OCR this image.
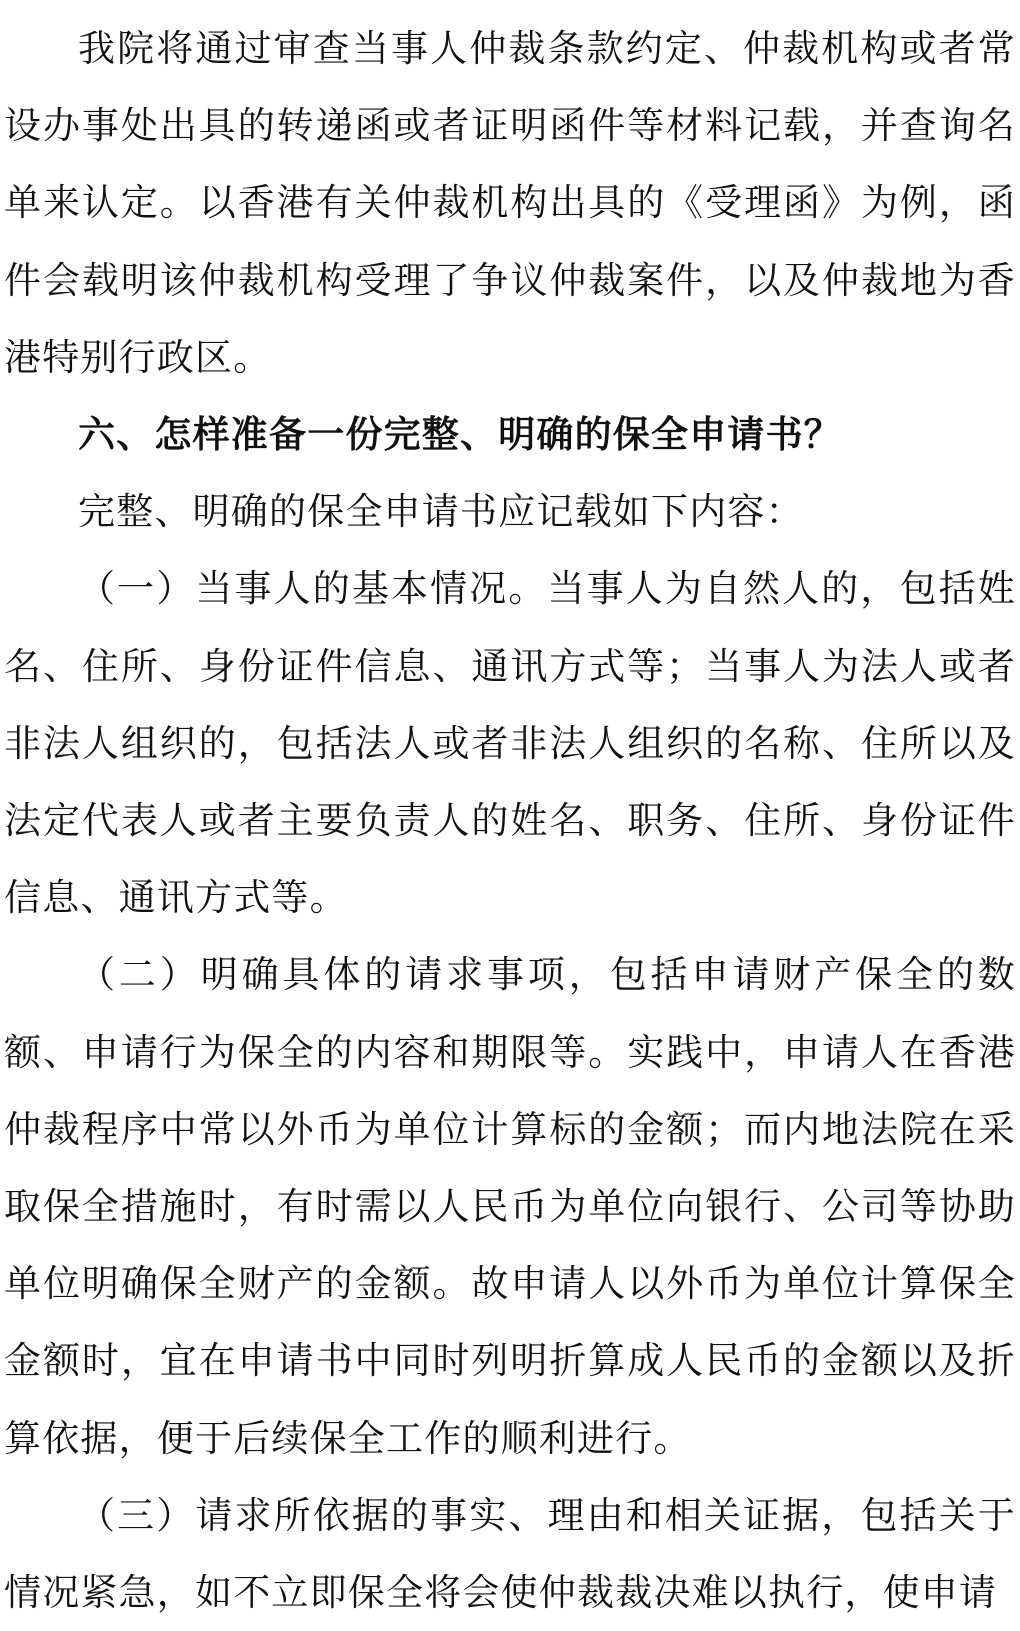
我院将通过审查当事人仲裁条款约定、仲裁机构或者常设办事处出具的转递函或者证明函件等材料记载，并查询名单来认定。以香港有关仲裁机构出具的《受理函》为例，函件会载明该仲裁机构受理了争议仲裁案件，以及仲裁地为香港特别行政区。

六、怎样准备一份完整、明确的保全申请书？

完整、明确的保全申请书应记载如下内容：

（一）当事人的基本情况。当事人为自然人的，包括姓名、住所、身份证件信息、通讯方式等；当事人为法人或者非法人组织的，包括法人或者非法人组织的名称、住所以及法定代表人或者主要负责人的姓名、职务、住所、身份证件信息、通讯方式等。

（二）明确具体的请求事项，包括申请财产保全的数额、申请行为保全的内容和期限等。实践中，申请人在香港仲裁程序中常以外币为单位计算标的金额；而内地法院在采取保全措施时，有时需以人民币为单位向银行、公司等协助单位明确保全财产的金额。故申请人以外币为单位计算保全金额时，宜在申请书中同时列明折算成人民币的金额以及折算依据，便于后续保全工作的顺利进行。

（三）请求所依据的事实、理由和相关证据，包括关于情况紧急，如不立即保全将会使仲裁裁决难以执行，使申请
